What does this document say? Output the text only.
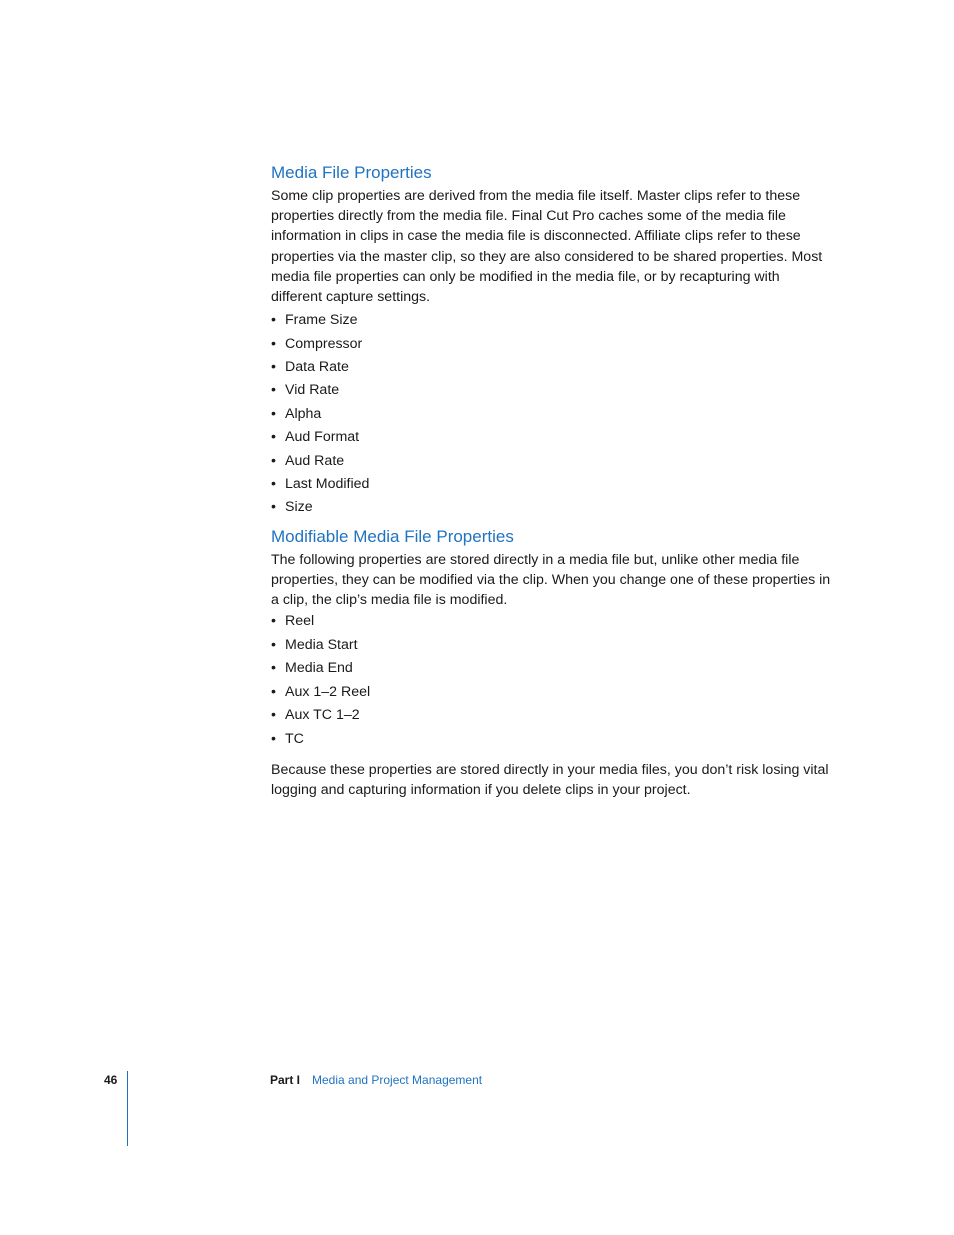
Media File Properties

Some clip properties are derived from the media file itself. Master clips refer to these properties directly from the media file. Final Cut Pro caches some of the media file information in clips in case the media file is disconnected. Affiliate clips refer to these properties via the master clip, so they are also considered to be shared properties. Most media file properties can only be modified in the media file, or by recapturing with different capture settings.

• Frame Size
• Compressor
• Data Rate
• Vid Rate
• Alpha
• Aud Format
• Aud Rate
• Last Modified
• Size
Modifiable Media File Properties

The following properties are stored directly in a media file but, unlike other media file properties, they can be modified via the clip. When you change one of these properties in a clip, the clip’s media file is modified.

• Reel
• Media Start
• Media End
• Aux 1–2 Reel
• Aux TC 1–2
• TC

Because these properties are stored directly in your media files, you don’t risk losing vital logging and capturing information if you delete clips in your project.

46	Part I Media and Project Management
